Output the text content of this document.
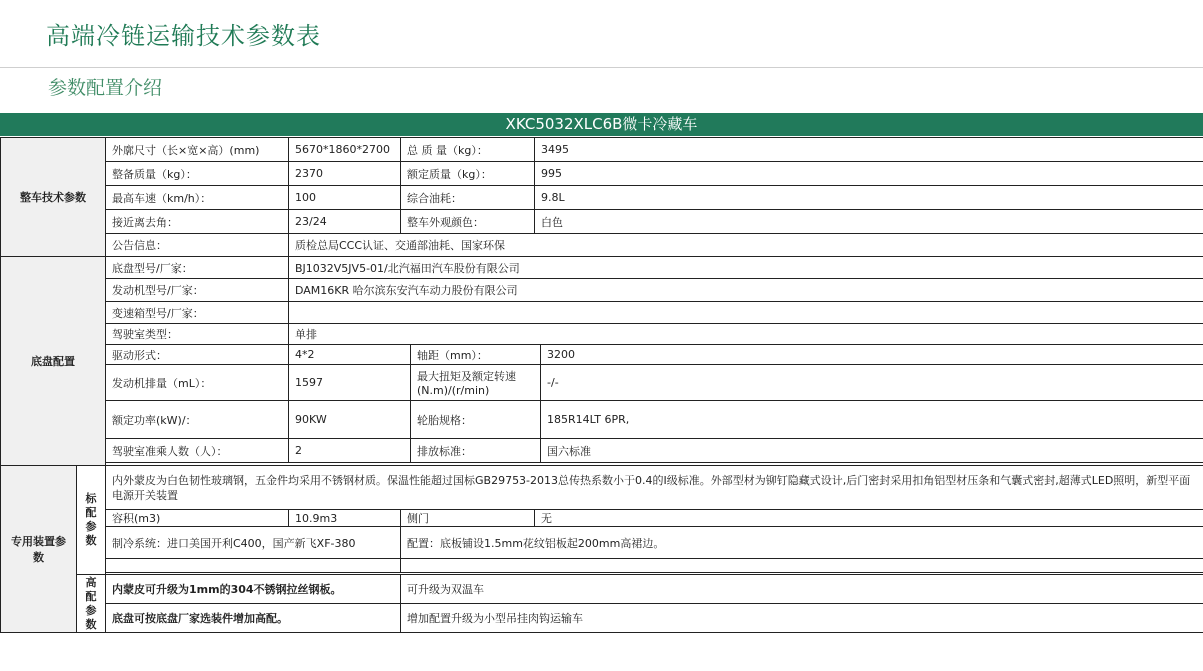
高端冷链运输技术参数表
参数配置介绍
XKC5032XLC6B微卡冷藏车
整车技术参数		外廓尺寸（长×宽×高）(mm)	5670*1860*2700	总 质 量（kg）：		3495	
		整备质量（kg）：	2370	额定质量（kg）：		995	
		最高车速（km/h）：	100	综合油耗：		9.8L	
		接近离去角：	23/24	整车外观颜色：		白色	
		公告信息：	质检总局CCC认证、交通部油耗、国家环保				
底盘配置		底盘型号/厂家：	BJ1032V5JV5-01/北汽福田汽车股份有限公司				
		发动机型号/厂家：	DAM16KR 哈尔滨东安汽车动力股份有限公司				
		变速箱型号/厂家：					
		驾驶室类型：	单排				
		驱动形式：	4*2		轴距（mm）：		3200
		发动机排量（mL）：	1597		最大扭矩及额定转速(N.m)/(r/min)		-/-
		额定功率(kW)/：	90KW		轮胎规格：		185R14LT 6PR,
		驾驶室准乘人数（人）：	2		排放标准：		国六标准

专用装置参数	标
配
参
数	内外蒙皮为白色韧性玻璃钢，五金件均采用不锈钢材质。保温性能超过国标GB29753-2013总传热系数小于0.4的I级标准。外部型材为铆钉隐藏式设计,后门密封采用扣角铝型材压条和气囊式密封,超薄式LED照明，新型平面电源开关装置					
		容积(m3)	10.9m3	侧门		无	
		制冷系统：进口美国开利C400，国产新飞XF-380		配置：底板铺设1.5mm花纹铝板起200mm高裙边。			

	高
配
参
数	内蒙皮可升级为1mm的304不锈钢拉丝钢板。		可升级为双温车			
		底盘可按底盘厂家选装件增加高配。		增加配置升级为小型吊挂肉钩运输车			
